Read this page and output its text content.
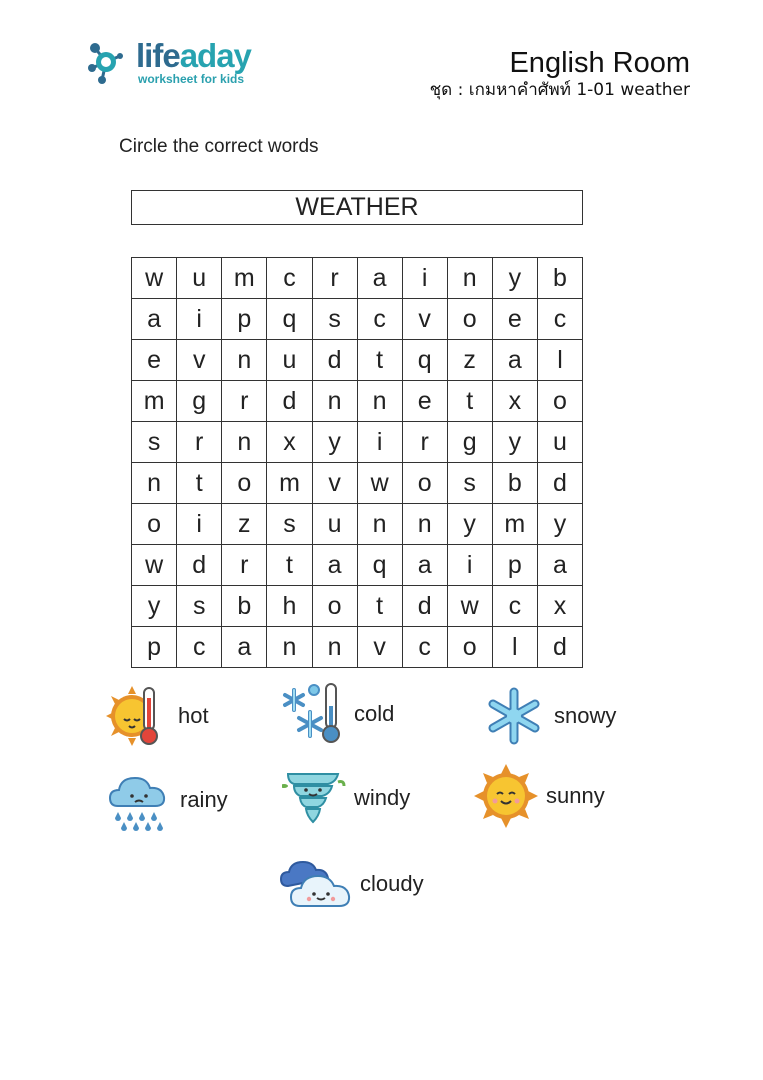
lifeaday
worksheet for kids	English Room
ชุด : เกมหาคำศัพท์ 1-01 weather
Circle the correct words
WEATHER
w	u	m	c	r	a	i	n	y	b
a	i	p	q	s	c	v	o	e	c
e	v	n	u	d	t	q	z	a	l
m	g	r	d	n	n	e	t	x	o
s	r	n	x	y	i	r	g	y	u
n	t	o	m	v	w	o	s	b	d
o	i	z	s	u	n	n	y	m	y
w	d	r	t	a	q	a	i	p	a
y	s	b	h	o	t	d	w	c	x
p	c	a	n	n	v	c	o	l	d
hot	cold	snowy
rainy	windy	sunny
cloudy
